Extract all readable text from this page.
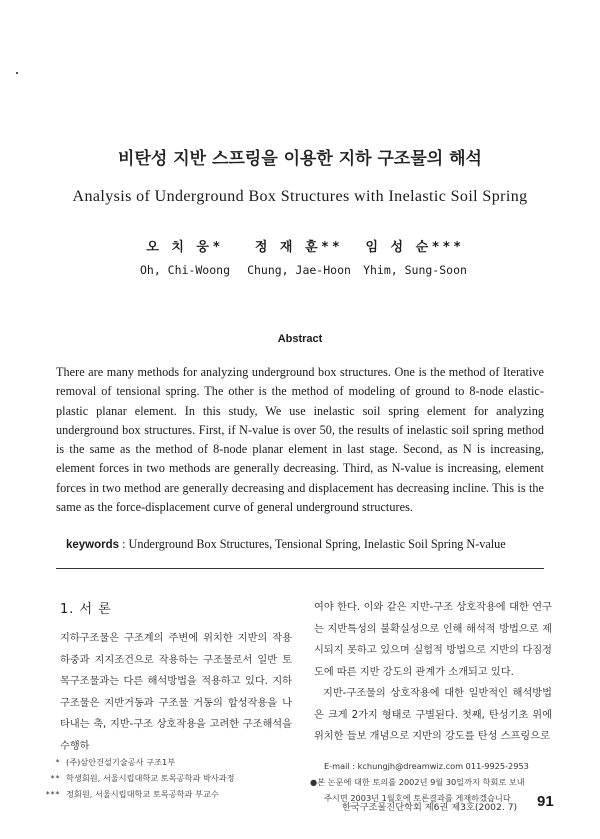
비탄성 지반 스프링을 이용한 지하 구조물의 해석
Analysis of Underground Box Structures with Inelastic Soil Spring
오 치 웅*
Oh, Chi-Woong
정 재 훈**
Chung, Jae-Hoon
임 성 순***
Yhim, Sung-Soon
Abstract
There are many methods for analyzing underground box structures. One is the method of Iterative removal of tensional spring. The other is the method of modeling of ground to 8-node elastic-plastic planar element. In this study, We use inelastic soil spring element for analyzing underground box structures. First, if N-value is over 50, the results of inelastic soil spring method is the same as the method of 8-node planar element in last stage. Second, as N is increasing, element forces in two methods are generally decreasing. Third, as N-value is increasing, element forces in two method are generally decreasing and displacement has decreasing incline. This is the same as the force-displacement curve of general underground structures.
keywords : Underground Box Structures, Tensional Spring, Inelastic Soil Spring N-value
1. 서 론

지하구조물은 구조계의 주변에 위치한 지반의 작용하중과 지지조건으로 작용하는 구조물로서 일반 토목구조물과는 다른 해석방법을 적용하고 있다. 지하구조물은 지반거동과 구조물 거동의 합성작용을 나타내는 축, 지반-구조 상호작용을 고려한 구조해석을 수행하

여야 한다. 이와 같은 지반-구조 상호작용에 대한 연구는 지반특성의 불확실성으로 인해 해석적 방법으로 제시되지 못하고 있으며 실험적 방법으로 지반의 다짐정도에 따른 지반 강도의 관계가 소개되고 있다.

지반-구조물의 상호작용에 대한 일반적인 해석방법은 크게 2가지 형태로 구별된다. 첫째, 탄성기초 위에 위치한 들보 개념으로 지반의 강도를 탄성 스프링으로

* (주)삼안건설기술공사 구조1부
** 학생회원, 서울시립대학교 토목공학과 박사과정
*** 정회원, 서울시립대학교 토목공학과 부교수
E-mail : kchungjh@dreamwiz.com 011-9925-2953
●본 논문에 대한 토의를 2002년 9월 30일까지 학회로 보내
주시면 2003년 1월호에 토론결과를 게재하겠습니다
한국구조물진단학회 제6권 제3호(2002. 7) 91
